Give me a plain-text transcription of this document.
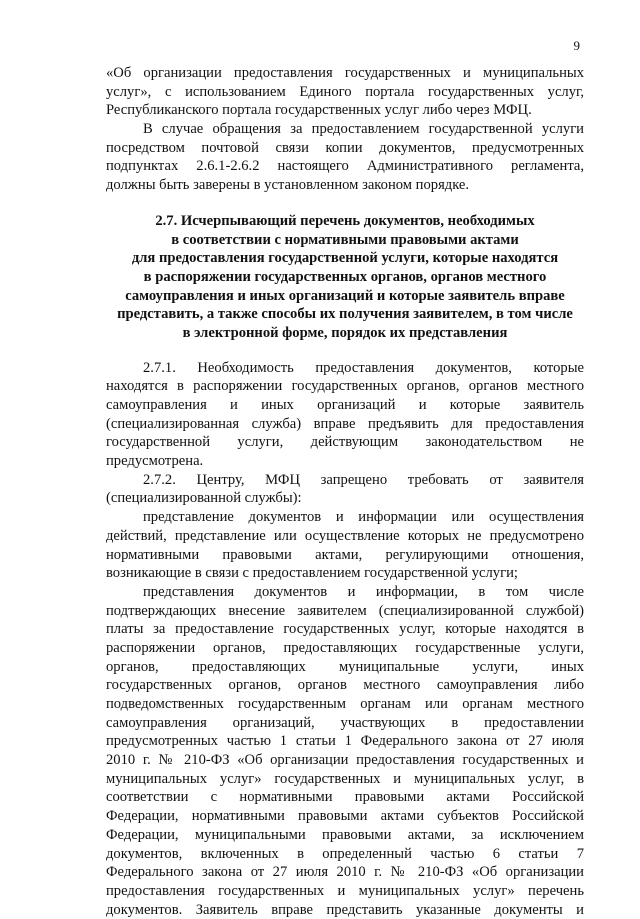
9
«Об организации предоставления государственных и муниципальных
услуг», с использованием Единого портала государственных услуг,
Республиканского портала государственных услуг либо через МФЦ.
В случае обращения за предоставлением государственной услуги
посредством почтовой связи копии документов, предусмотренных
подпунктах 2.6.1-2.6.2 настоящего Административного регламента,
должны быть заверены в установленном законом порядке.
2.7. Исчерпывающий перечень документов, необходимых
в соответствии с нормативными правовыми актами
для предоставления государственной услуги, которые находятся
в распоряжении государственных органов, органов местного
самоуправления и иных организаций и которые заявитель вправе
представить, а также способы их получения заявителем, в том числе
в электронной форме, порядок их представления
2.7.1. Необходимость предоставления документов, которые
находятся в распоряжении государственных органов, органов местного
самоуправления и иных организаций и которые заявитель
(специализированная служба) вправе предъявить для предоставления
государственной услуги, действующим законодательством не
предусмотрена.
2.7.2. Центру, МФЦ запрещено требовать от заявителя
(специализированной службы):
представление документов и информации или осуществления
действий, представление или осуществление которых не предусмотрено
нормативными правовыми актами, регулирующими отношения,
возникающие в связи с предоставлением государственной услуги;
представления документов и информации, в том числе
подтверждающих внесение заявителем (специализированной службой)
платы за предоставление государственных услуг, которые находятся в
распоряжении органов, предоставляющих государственные услуги,
органов, предоставляющих муниципальные услуги, иных
государственных органов, органов местного самоуправления либо
подведомственных государственным органам или органам местного
самоуправления организаций, участвующих в предоставлении
предусмотренных частью 1 статьи 1 Федерального закона от 27 июля
2010 г. № 210-ФЗ «Об организации предоставления государственных и
муниципальных услуг» государственных и муниципальных услуг, в
соответствии с нормативными правовыми актами Российской
Федерации, нормативными правовыми актами субъектов Российской
Федерации, муниципальными правовыми актами, за исключением
документов, включенных в определенный частью 6 статьи 7
Федерального закона от 27 июля 2010 г. № 210-ФЗ «Об организации
предоставления государственных и муниципальных услуг» перечень
документов. Заявитель вправе представить указанные документы и
